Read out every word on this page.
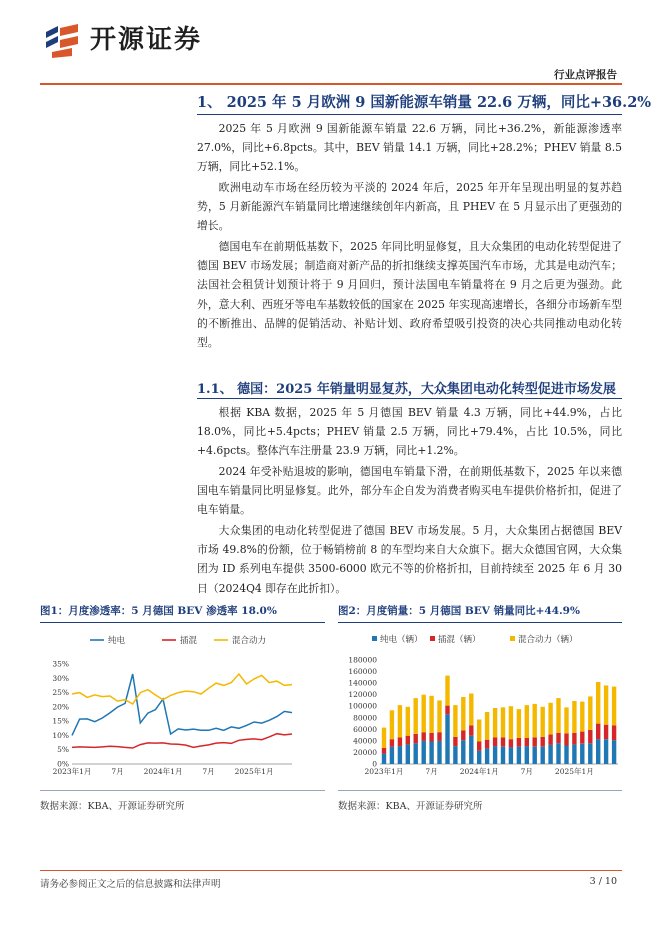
开源证券
行业点评报告
1、 2025 年 5 月欧洲 9 国新能源车销量 22.6 万辆，同比+36.2%

2025 年 5 月欧洲 9 国新能源车销量 22.6 万辆，同比+36.2%，新能源渗透率 27.0%，同比+6.8pcts。其中，BEV 销量 14.1 万辆，同比+28.2%；PHEV 销量 8.5 万辆，同比+52.1%。

欧洲电动车市场在经历较为平淡的 2024 年后，2025 年开年呈现出明显的复苏趋势，5 月新能源汽车销量同比增速继续创年内新高，且 PHEV 在 5 月显示出了更强劲的增长。

德国电车在前期低基数下，2025 年同比明显修复，且大众集团的电动化转型促进了德国 BEV 市场发展；制造商对新产品的折扣继续支撑英国汽车市场，尤其是电动汽车；法国社会租赁计划预计将于 9 月回归，预计法国电车销量将在 9 月之后更为强劲。此外，意大利、西班牙等电车基数较低的国家在 2025 年实现高速增长，各细分市场新车型的不断推出、品牌的促销活动、补贴计划、政府希望吸引投资的决心共同推动电动化转型。

1.1、 德国：2025 年销量明显复苏，大众集团电动化转型促进市场发展

根据 KBA 数据，2025 年 5 月德国 BEV 销量 4.3 万辆，同比+44.9%，占比 18.0%，同比+5.4pcts；PHEV 销量 2.5 万辆，同比+79.4%，占比 10.5%，同比+4.6pcts。整体汽车注册量 23.9 万辆，同比+1.2%。

2024 年受补贴退坡的影响，德国电车销量下滑，在前期低基数下，2025 年以来德国电车销量同比明显修复。此外，部分车企自发为消费者购买电车提供价格折扣，促进了电车销量。

大众集团的电动化转型促进了德国 BEV 市场发展。5 月，大众集团占据德国 BEV 市场 49.8%的份额，位于畅销榜前 8 的车型均来自大众旗下。据大众德国官网，大众集团为 ID 系列电车提供 3500-6000 欧元不等的价格折扣，目前持续至 2025 年 6 月 30 日（2024Q4 即存在此折扣）。

图1：月度渗透率：5 月德国 BEV 渗透率 18.0%
纯电	插混	混合动力
0%
5%
10%
15%
20%
25%
30%
35%
2023年1月	7月	2024年1月	7月	2025年1月
数据来源：KBA、开源证券研究所
图2：月度销量：5 月德国 BEV 销量同比+44.9%
纯电（辆） 插混（辆）	混合动力（辆）
0
20000
40000
60000
80000
100000
120000
140000
160000
180000
2023年1月	7月	2024年1月	7月	2025年1月
数据来源：KBA、开源证券研究所
请务必参阅正文之后的信息披露和法律声明	3 / 10
